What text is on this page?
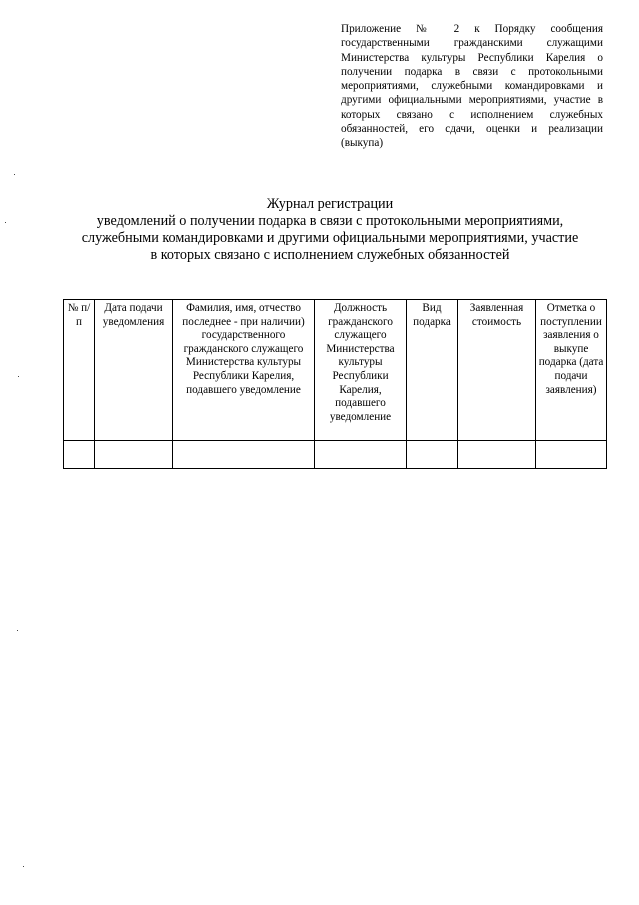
Приложение № 2 к Порядку сообщения государственными гражданскими служащими Министерства культуры Республики Карелия о получении подарка в связи с протокольными мероприятиями, служебными командировками и другими официальными мероприятиями, участие в которых связано с исполнением служебных обязанностей, его сдачи, оценки и реализации (выкупа)
Журнал регистрации
уведомлений о получении подарка в связи с протокольными мероприятиями,
служебными командировками и другими официальными мероприятиями, участие
в которых связано с исполнением служебных обязанностей
№ п/п	Дата подачи уведомления	Фамилия, имя, отчество последнее - при наличии) государственного гражданского служащего Министерства культуры Республики Карелия, подавшего уведомление	Должность гражданского служащего Министерства культуры Республики Карелия, подавшего уведомление	Вид подарка	Заявленная стоимость	Отметка о поступлении заявления о выкупе подарка (дата подачи заявления)
